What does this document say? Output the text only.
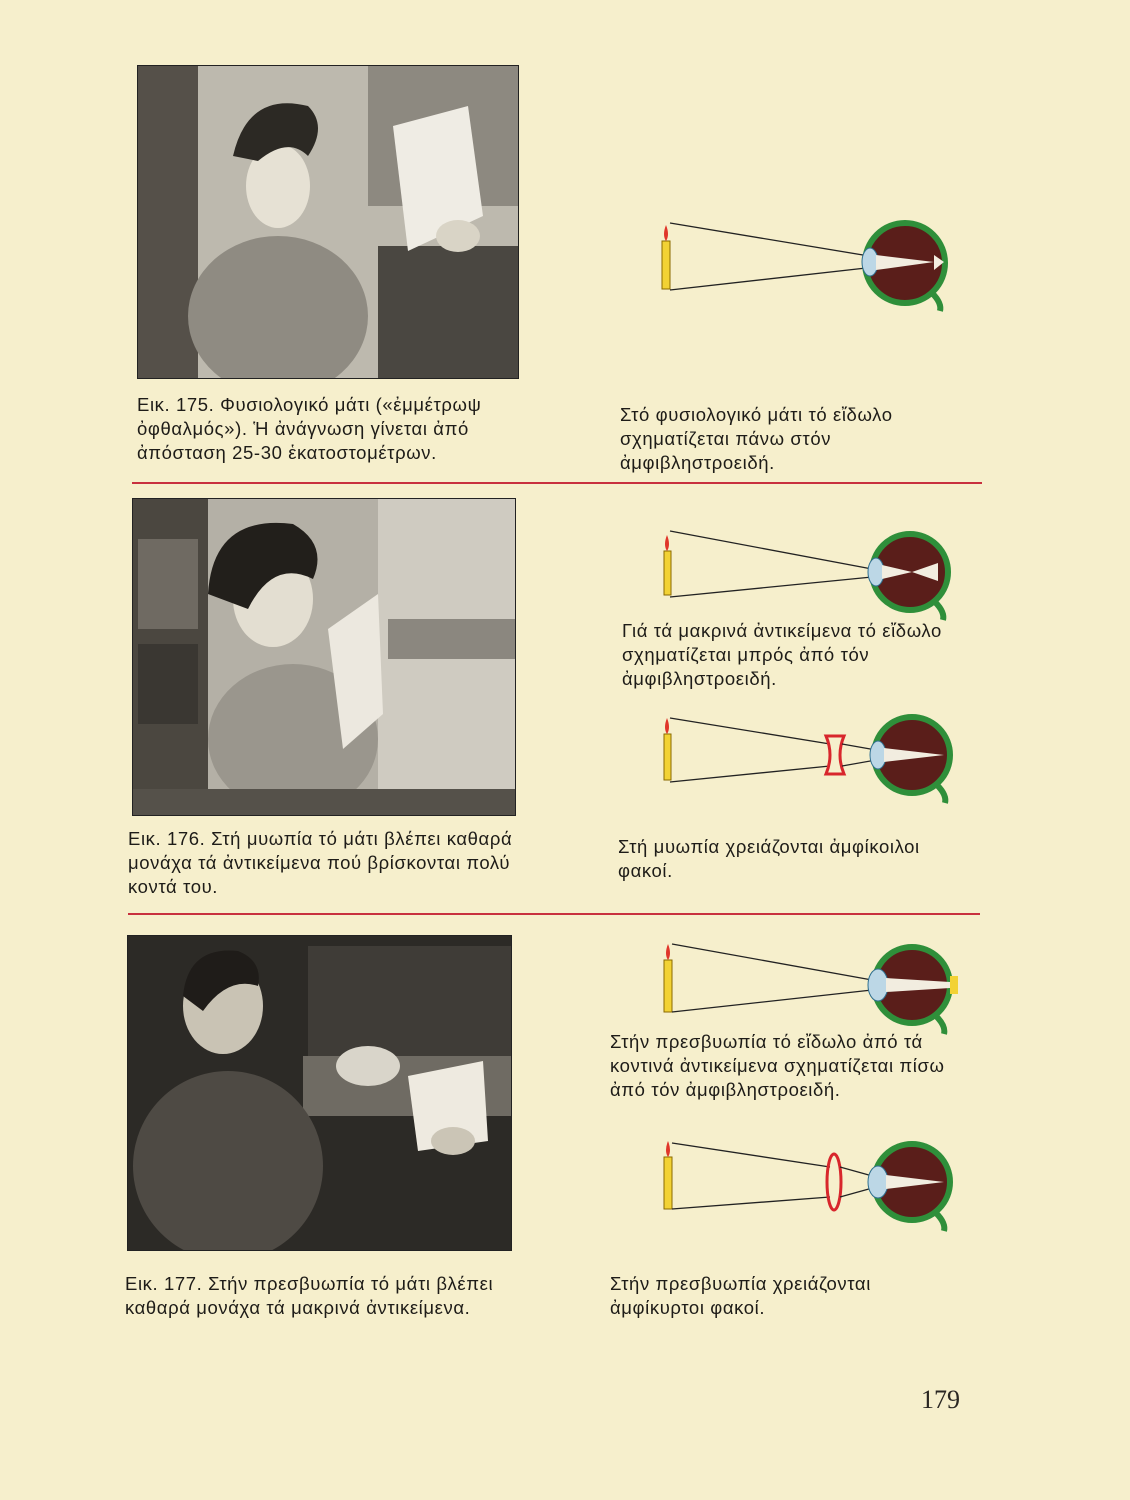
Εικ. 175. Φυσιολογικό μάτι («ἐμμέτρωψ ὀφθαλμός»). Ἡ ἀνάγνωση γίνεται ἀπό ἀπόσταση 25-30 ἑκατοστομέτρων.
Στό φυσιολογικό μάτι τό εἴδωλο σχηματίζεται πάνω στόν ἀμφιβληστροειδή.
Εικ. 176. Στή μυωπία τό μάτι βλέπει καθαρά μονάχα τά ἀντικείμενα πού βρίσκονται πολύ κοντά του.
Γιά τά μακρινά ἀντικείμενα τό εἴδωλο σχηματίζεται μπρός ἀπό τόν ἀμφιβληστροειδή.
Στή μυωπία χρειάζονται ἀμφίκοιλοι φακοί.
Εικ. 177. Στήν πρεσβυωπία τό μάτι βλέπει καθαρά μονάχα τά μακρινά ἀντικείμενα.
Στήν πρεσβυωπία τό εἴδωλο ἀπό τά κοντινά ἀντικείμενα σχηματίζεται πίσω ἀπό τόν ἀμφιβληστροειδή.
Στήν πρεσβυωπία χρειάζονται ἀμφίκυρτοι φακοί.
179
